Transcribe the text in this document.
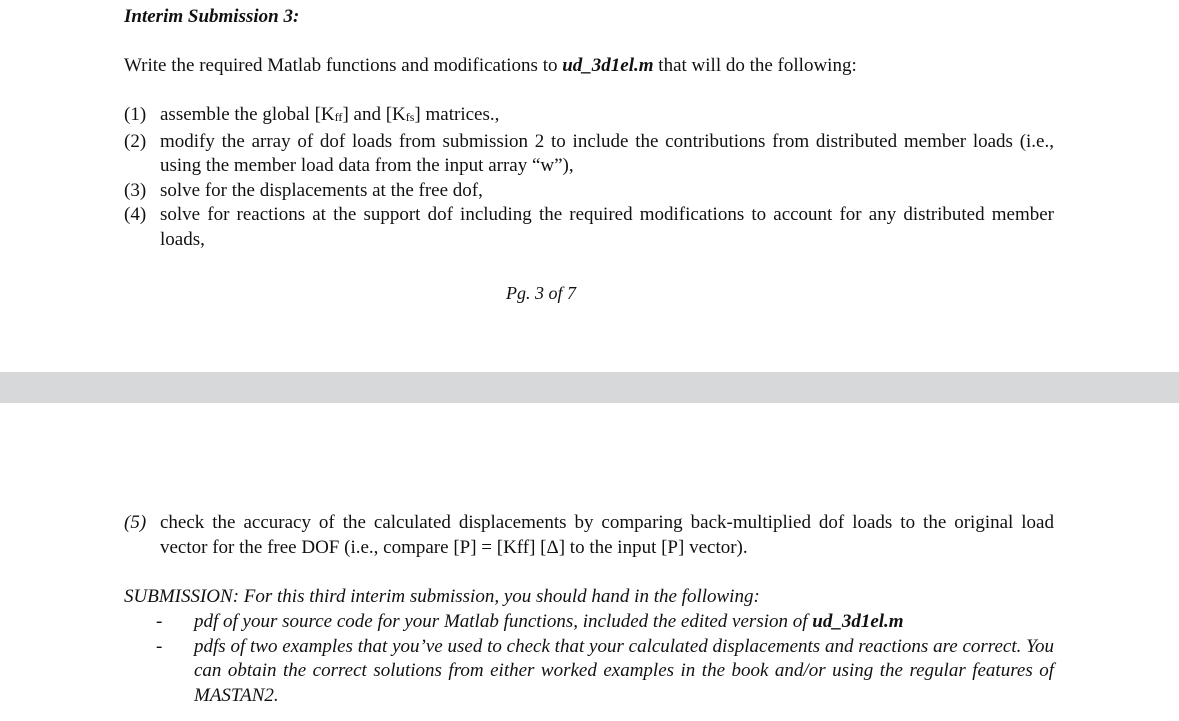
Interim Submission 3:
Write the required Matlab functions and modifications to ud_3d1el.m that will do the following:
(1) assemble the global [Kff] and [Kfs] matrices.,
(2) modify the array of dof loads from submission 2 to include the contributions from distributed member loads (i.e., using the member load data from the input array “w”),
(3) solve for the displacements at the free dof,
(4) solve for reactions at the support dof including the required modifications to account for any distributed member loads,
Pg. 3 of 7
(5) check the accuracy of the calculated displacements by comparing back-multiplied dof loads to the original load vector for the free DOF (i.e., compare [P] = [Kff] [Δ] to the input [P] vector).
SUBMISSION: For this third interim submission, you should hand in the following:
-	pdf of your source code for your Matlab functions, included the edited version of ud_3d1el.m
-	pdfs of two examples that you’ve used to check that your calculated displacements and reactions are correct. You can obtain the correct solutions from either worked examples in the book and/or using the regular features of MASTAN2.
